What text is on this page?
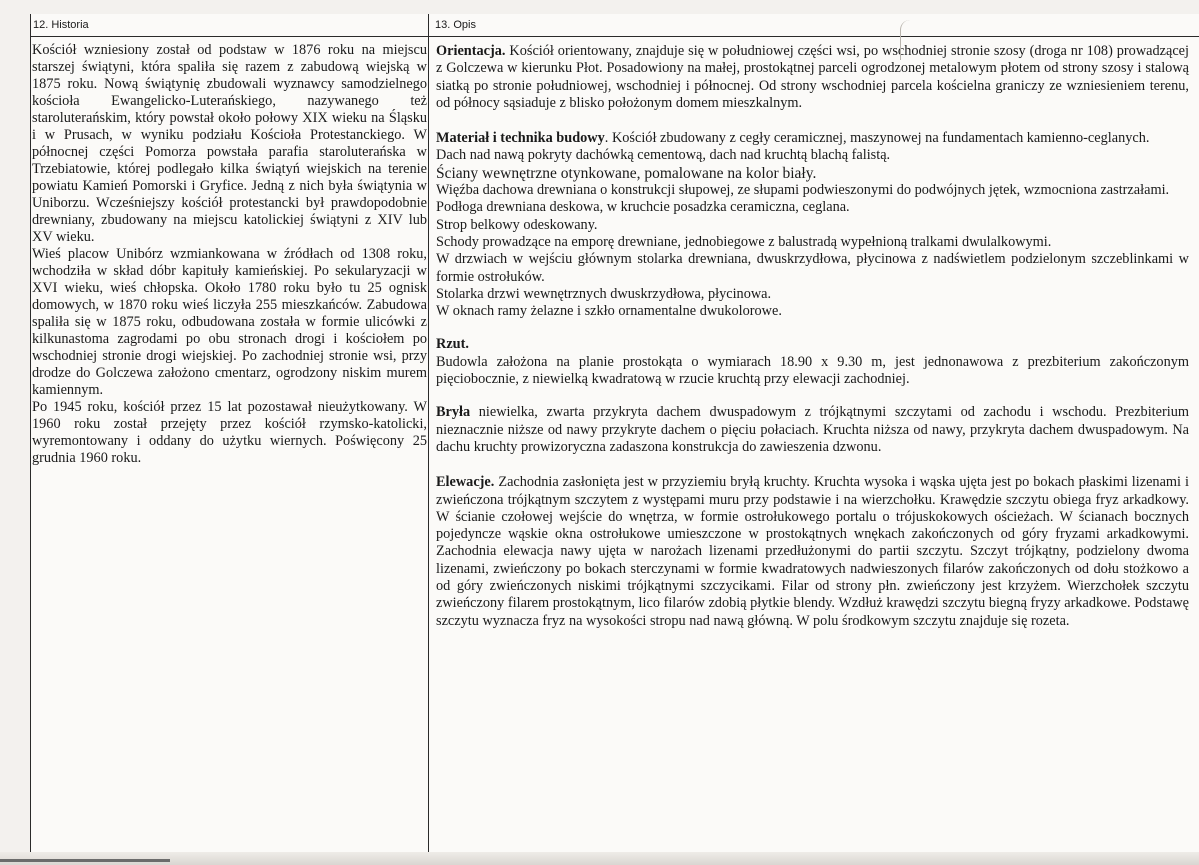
12. Historia

Kościół wzniesiony został od podstaw w 1876 roku na miejscu starszej świątyni, która spaliła się razem z zabudową wiejską w 1875 roku. Nową świątynię zbudowali wyznawcy samodzielnego kościoła Ewangelicko-Luterańskiego, nazywanego też staroluterańskim, który powstał około połowy XIX wieku na Śląsku i w Prusach, w wyniku podziału Kościoła Protestanckiego. W północnej części Pomorza powstała parafia staroluterańska w Trzebiatowie, której podlegało kilka świątyń wiejskich na terenie powiatu Kamień Pomorski i Gryfice. Jedną z nich była świątynia w Uniborzu. Wcześniejszy kościół protestancki był prawdopodobnie drewniany, zbudowany na miejscu katolickiej świątyni z XIV lub XV wieku.

Wieś placow Unibórz wzmiankowana w źródłach od 1308 roku, wchodziła w skład dóbr kapituły kamieńskiej. Po sekularyzacji w XVI wieku, wieś chłopska. Około 1780 roku było tu 25 ognisk domowych, w 1870 roku wieś liczyła 255 mieszkańców. Zabudowa spaliła się w 1875 roku, odbudowana została w formie ulicówki z kilkunastoma zagrodami po obu stronach drogi i kościołem po wschodniej stronie drogi wiejskiej. Po zachodniej stronie wsi, przy drodze do Golczewa założono cmentarz, ogrodzony niskim murem kamiennym.

Po 1945 roku, kościół przez 15 lat pozostawał nieużytkowany. W 1960 roku został przejęty przez kościół rzymsko-katolicki, wyremontowany i oddany do użytku wiernych. Poświęcony 25 grudnia 1960 roku.

13. Opis

Orientacja. Kościół orientowany, znajduje się w południowej części wsi, po wschodniej stronie szosy (droga nr 108) prowadzącej z Golczewa w kierunku Płot. Posadowiony na małej, prostokątnej parceli ogrodzonej metalowym płotem od strony szosy i stalową siatką po stronie południowej, wschodniej i północnej. Od strony wschodniej parcela kościelna graniczy ze wzniesieniem terenu, od północy sąsiaduje z blisko położonym domem mieszkalnym.

Materiał i technika budowy. Kościół zbudowany z cegły ceramicznej, maszynowej na fundamentach kamienno-ceglanych.

Dach nad nawą pokryty dachówką cementową, dach nad kruchtą blachą falistą.

Ściany wewnętrzne otynkowane, pomalowane na kolor biały.

Więźba dachowa drewniana o konstrukcji słupowej, ze słupami podwieszonymi do podwójnych jętek, wzmocniona zastrzałami.

Podłoga drewniana deskowa, w kruchcie posadzka ceramiczna, ceglana.

Strop belkowy odeskowany.

Schody prowadzące na emporę drewniane, jednobiegowe z balustradą wypełnioną tralkami dwulalkowymi.

W drzwiach w wejściu głównym stolarka drewniana, dwuskrzydłowa, płycinowa z nadświetlem podzielonym szczeblinkami w formie ostrołuków.

Stolarka drzwi wewnętrznych dwuskrzydłowa, płycinowa.

W oknach ramy żelazne i szkło ornamentalne dwukolorowe.

Rzut.

Budowla założona na planie prostokąta o wymiarach 18.90 x 9.30 m, jest jednonawowa z prezbiterium zakończonym pięciobocznie, z niewielką kwadratową w rzucie kruchtą przy elewacji zachodniej.

Bryła niewielka, zwarta przykryta dachem dwuspadowym z trójkątnymi szczytami od zachodu i wschodu. Prezbiterium nieznacznie niższe od nawy przykryte dachem o pięciu połaciach. Kruchta niższa od nawy, przykryta dachem dwuspadowym. Na dachu kruchty prowizoryczna zadaszona konstrukcja do zawieszenia dzwonu.

Elewacje. Zachodnia zasłonięta jest w przyziemiu bryłą kruchty. Kruchta wysoka i wąska ujęta jest po bokach płaskimi lizenami i zwieńczona trójkątnym szczytem z występami muru przy podstawie i na wierzchołku. Krawędzie szczytu obiega fryz arkadkowy. W ścianie czołowej wejście do wnętrza, w formie ostrołukowego portalu o trójuskokowych ościeżach. W ścianach bocznych pojedyncze wąskie okna ostrołukowe umieszczone w prostokątnych wnękach zakończonych od góry fryzami arkadkowymi. Zachodnia elewacja nawy ujęta w narożach lizenami przedłużonymi do partii szczytu. Szczyt trójkątny, podzielony dwoma lizenami, zwieńczony po bokach sterczynami w formie kwadratowych nadwieszonych filarów zakończonych od dołu stożkowo a od góry zwieńczonych niskimi trójkątnymi szczycikami. Filar od strony płn. zwieńczony jest krzyżem. Wierzchołek szczytu zwieńczony filarem prostokątnym, lico filarów zdobią płytkie blendy. Wzdłuż krawędzi szczytu biegną fryzy arkadkowe. Podstawę szczytu wyznacza fryz na wysokości stropu nad nawą główną. W polu środkowym szczytu znajduje się rozeta.
